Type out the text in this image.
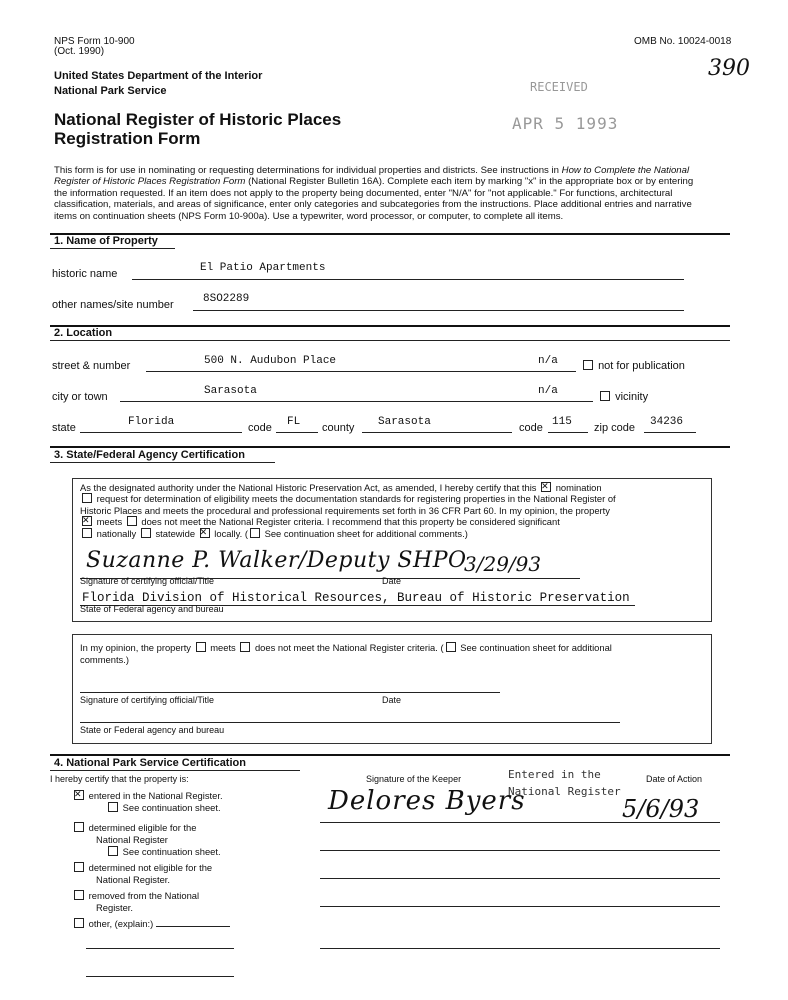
NPS Form 10-900
(Oct. 1990)
OMB No. 10024-0018
United States Department of the Interior
National Park Service
National Register of Historic Places
Registration Form
RECEIVED
APR 5 1993
390
This form is for use in nominating or requesting determinations for individual properties and districts. See instructions in How to Complete the National Register of Historic Places Registration Form (National Register Bulletin 16A). Complete each item by marking "x" in the appropriate box or by entering the information requested. If an item does not apply to the property being documented, enter "N/A" for "not applicable." For functions, architectural classification, materials, and areas of significance, enter only categories and subcategories from the instructions. Place additional entries and narrative items on continuation sheets (NPS Form 10-900a). Use a typewriter, word processor, or computer, to complete all items.
1. Name of Property
historic name	El Patio Apartments
other names/site number	8SO2289
2. Location
street & number	500 N. Audubon Place	n/a	not for publication
city or town	Sarasota	n/a	vicinity
state	Florida	code FL county Sarasota	code 115 zip code 34236
3. State/Federal Agency Certification
As the designated authority under the National Historic Preservation Act, as amended, I hereby certify that this ✕ nomination
request for determination of eligibility meets the documentation standards for registering properties in the National Register of
Historic Places and meets the procedural and professional requirements set forth in 36 CFR Part 60. In my opinion, the property
✕ meets does not meet the National Register criteria. I recommend that this property be considered significant
nationally statewide ✕ locally. ( See continuation sheet for additional comments.)
Suzanne P. Walker/Deputy SHPO
3/29/93
Signature of certifying official/Title	Date
Florida Division of Historical Resources, Bureau of Historic Preservation
State of Federal agency and bureau
In my opinion, the property meets does not meet the National Register criteria. ( See continuation sheet for additional
comments.)
Signature of certifying official/Title	Date
State or Federal agency and bureau
4. National Park Service Certification
I hereby certify that the property is:	Signature of the Keeper	Date of Action
✕ entered in the National Register.
See continuation sheet.
determined eligible for the
National Register
See continuation sheet.
determined not eligible for the
National Register.
removed from the National
Register.
other, (explain:)
Delores Byers
Entered in the
National Register
5/6/93
